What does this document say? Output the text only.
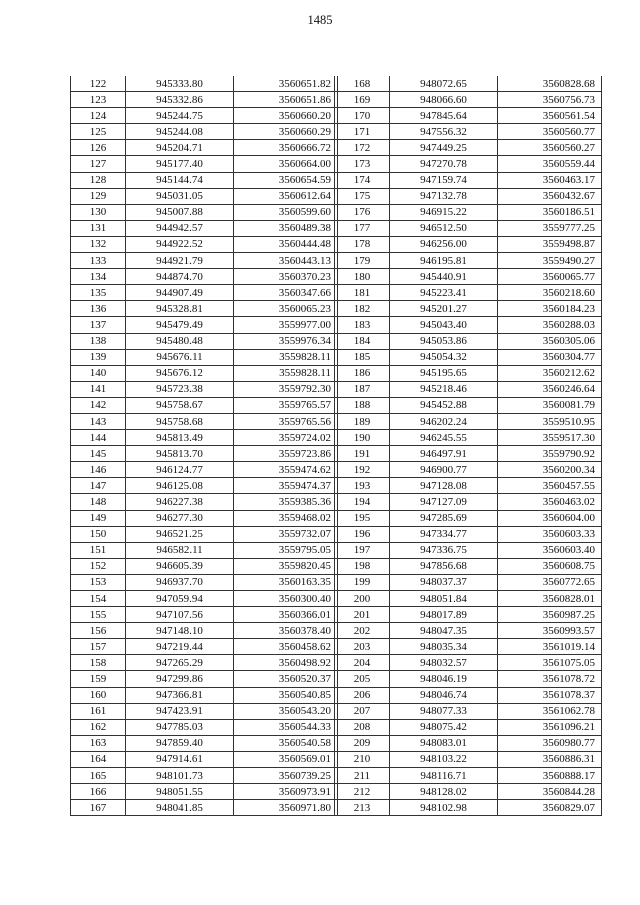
1485
122	945333.80	3560651.82
123	945332.86	3560651.86
124	945244.75	3560660.20
125	945244.08	3560660.29
126	945204.71	3560666.72
127	945177.40	3560664.00
128	945144.74	3560654.59
129	945031.05	3560612.64
130	945007.88	3560599.60
131	944942.57	3560489.38
132	944922.52	3560444.48
133	944921.79	3560443.13
134	944874.70	3560370.23
135	944907.49	3560347.66
136	945328.81	3560065.23
137	945479.49	3559977.00
138	945480.48	3559976.34
139	945676.11	3559828.11
140	945676.12	3559828.11
141	945723.38	3559792.30
142	945758.67	3559765.57
143	945758.68	3559765.56
144	945813.49	3559724.02
145	945813.70	3559723.86
146	946124.77	3559474.62
147	946125.08	3559474.37
148	946227.38	3559385.36
149	946277.30	3559468.02
150	946521.25	3559732.07
151	946582.11	3559795.05
152	946605.39	3559820.45
153	946937.70	3560163.35
154	947059.94	3560300.40
155	947107.56	3560366.01
156	947148.10	3560378.40
157	947219.44	3560458.62
158	947265.29	3560498.92
159	947299.86	3560520.37
160	947366.81	3560540.85
161	947423.91	3560543.20
162	947785.03	3560544.33
163	947859.40	3560540.58
164	947914.61	3560569.01
165	948101.73	3560739.25
166	948051.55	3560973.91
167	948041.85	3560971.80
168	948072.65	3560828.68
169	948066.60	3560756.73
170	947845.64	3560561.54
171	947556.32	3560560.77
172	947449.25	3560560.27
173	947270.78	3560559.44
174	947159.74	3560463.17
175	947132.78	3560432.67
176	946915.22	3560186.51
177	946512.50	3559777.25
178	946256.00	3559498.87
179	946195.81	3559490.27
180	945440.91	3560065.77
181	945223.41	3560218.60
182	945201.27	3560184.23
183	945043.40	3560288.03
184	945053.86	3560305.06
185	945054.32	3560304.77
186	945195.65	3560212.62
187	945218.46	3560246.64
188	945452.88	3560081.79
189	946202.24	3559510.95
190	946245.55	3559517.30
191	946497.91	3559790.92
192	946900.77	3560200.34
193	947128.08	3560457.55
194	947127.09	3560463.02
195	947285.69	3560604.00
196	947334.77	3560603.33
197	947336.75	3560603.40
198	947856.68	3560608.75
199	948037.37	3560772.65
200	948051.84	3560828.01
201	948017.89	3560987.25
202	948047.35	3560993.57
203	948035.34	3561019.14
204	948032.57	3561075.05
205	948046.19	3561078.72
206	948046.74	3561078.37
207	948077.33	3561062.78
208	948075.42	3561096.21
209	948083.01	3560980.77
210	948103.22	3560886.31
211	948116.71	3560888.17
212	948128.02	3560844.28
213	948102.98	3560829.07
